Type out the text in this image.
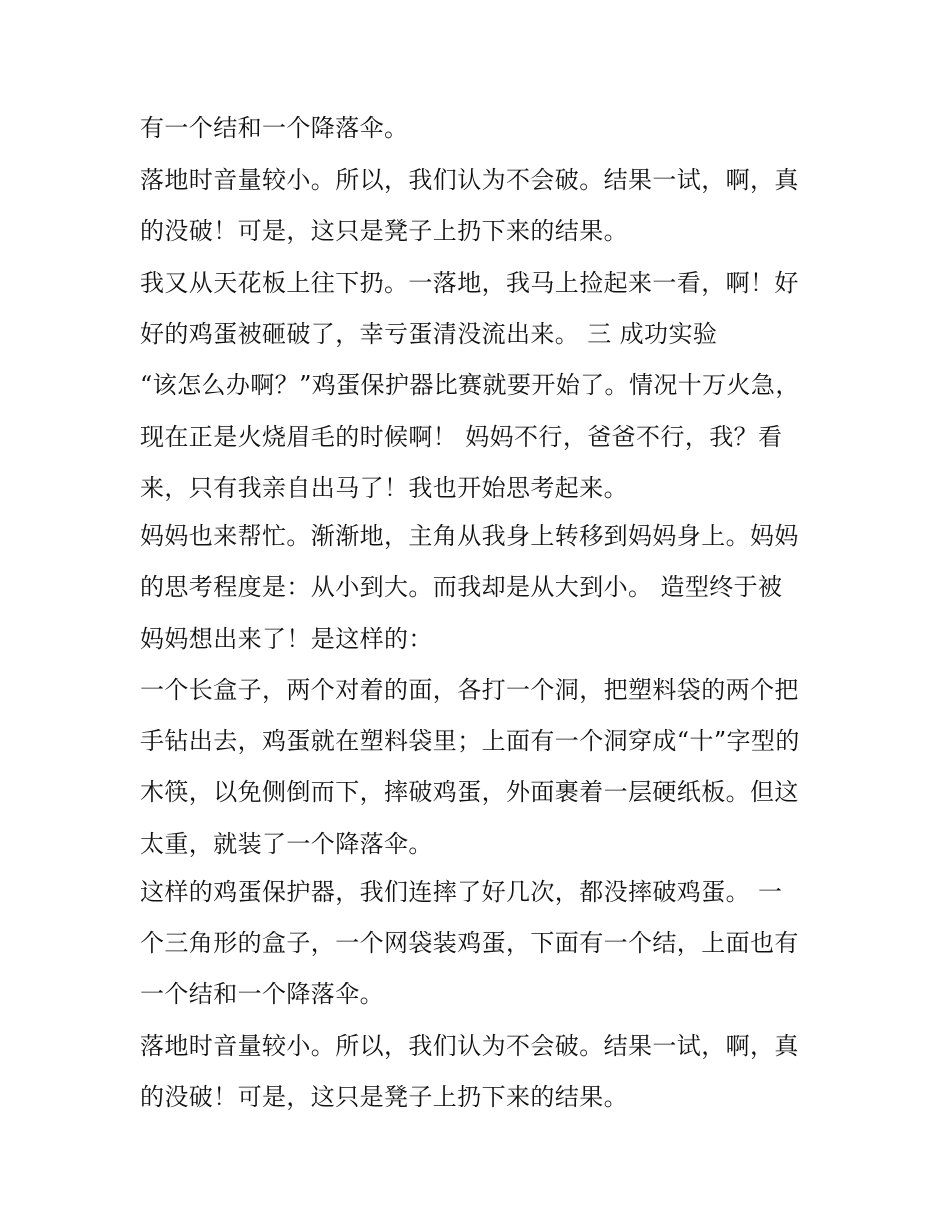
有一个结和一个降落伞。
落地时音量较小。所以，我们认为不会破。结果一试，啊，真
的没破！可是，这只是凳子上扔下来的结果。
我又从天花板上往下扔。一落地，我马上捡起来一看，啊！好
好的鸡蛋被砸破了，幸亏蛋清没流出来。 三 成功实验
“该怎么办啊？”鸡蛋保护器比赛就要开始了。情况十万火急，
现在正是火烧眉毛的时候啊！ 妈妈不行，爸爸不行，我？看
来，只有我亲自出马了！我也开始思考起来。
妈妈也来帮忙。渐渐地，主角从我身上转移到妈妈身上。妈妈
的思考程度是：从小到大。而我却是从大到小。 造型终于被
妈妈想出来了！是这样的：
一个长盒子，两个对着的面，各打一个洞，把塑料袋的两个把
手钻出去，鸡蛋就在塑料袋里；上面有一个洞穿成“十”字型的
木筷，以免侧倒而下，摔破鸡蛋，外面裹着一层硬纸板。但这
太重，就装了一个降落伞。
这样的鸡蛋保护器，我们连摔了好几次，都没摔破鸡蛋。 一
个三角形的盒子，一个网袋装鸡蛋，下面有一个结，上面也有
一个结和一个降落伞。
落地时音量较小。所以，我们认为不会破。结果一试，啊，真
的没破！可是，这只是凳子上扔下来的结果。
